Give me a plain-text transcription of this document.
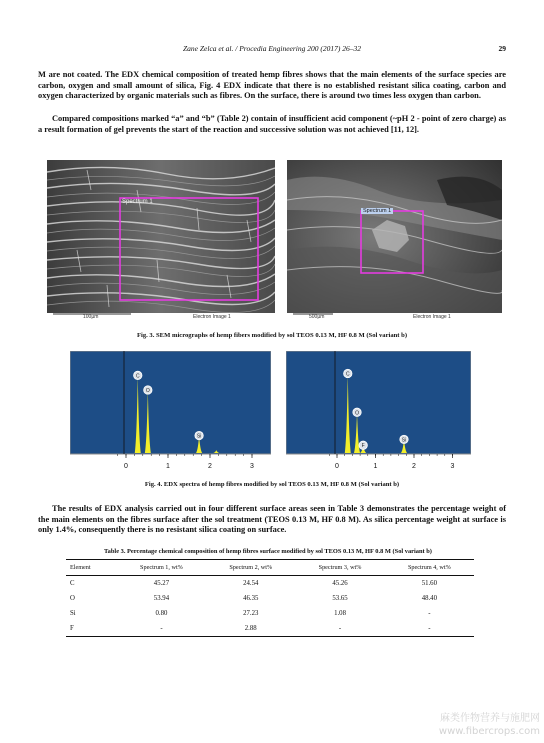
Zane Zelca et al. / Procedia Engineering 200 (2017) 26–32	29
M are not coated. The EDX chemical composition of treated hemp fibres shows that the main elements of the surface species are carbon, oxygen and small amount of silica, Fig. 4 EDX indicate that there is no established resistant silica coating, carbon and oxygen characterized by organic materials such as fibres. On the surface, there is around two times less oxygen than carbon.
Compared compositions marked “a” and “b” (Table 2) contain of insufficient acid component (~pH 2 - point of zero charge) as a result formation of gel prevents the start of the reaction and successive solution was not achieved [11, 12].
Spectrum 1
100µm	Electron Image 1
Spectrum 1
500µm	Electron Image 1
Fig. 3. SEM micrographs of hemp fibers modified by sol TEOS 0.13 M, HF 0.8 M (Sol variant b)
C
O
Si
0	1	2	3
C
O
F
Si
0	1	2	3
Fig. 4. EDX spectra of hemp fibres modified by sol TEOS 0.13 M, HF 0.8 M (Sol variant b)
The results of EDX analysis carried out in four different surface areas seen in Table 3 demonstrates the percentage weight of the main elements on the fibres surface after the sol treatment (TEOS 0.13 M, HF 0.8 M). As silica percentage weight at surface is only 1.4%, consequently there is no resistant silica coating on surface.
Table 3. Percentage chemical composition of hemp fibres surface modified by sol TEOS 0.13 M, HF 0.8 M (Sol variant b)
Element	Spectrum 1, wt%	Spectrum 2, wt%	Spectrum 3, wt%	Spectrum 4, wt%
C	45.27	24.54	45.26	51.60
O	53.94	46.35	53.65	48.40
Si	0.80	27.23	1.08	-
F	-	2.88	-	-
麻类作物营养与施肥网
www.fibercrops.com
